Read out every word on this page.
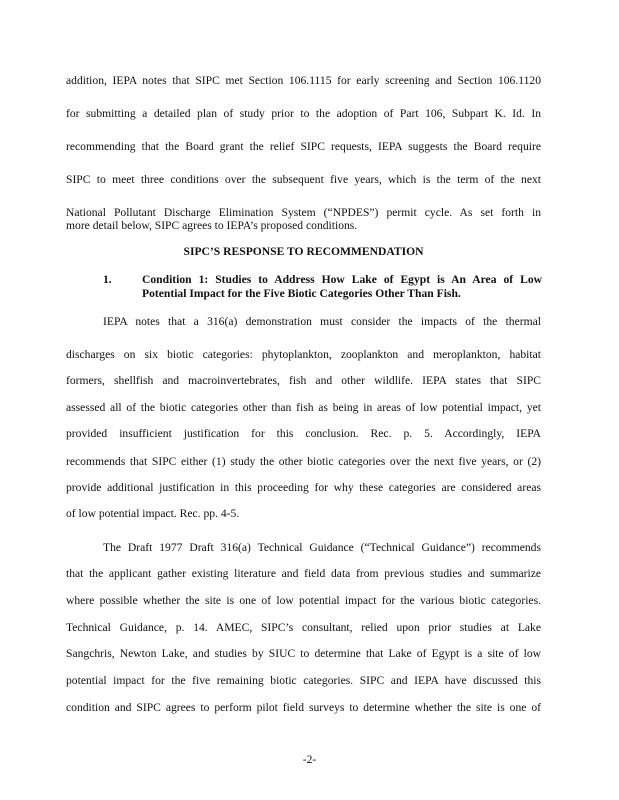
addition, IEPA notes that SIPC met Section 106.1115 for early screening and Section 106.1120
for submitting a detailed plan of study prior to the adoption of Part 106, Subpart K. Id. In
recommending that the Board grant the relief SIPC requests, IEPA suggests the Board require
SIPC to meet three conditions over the subsequent five years, which is the term of the next
National Pollutant Discharge Elimination System (“NPDES”) permit cycle. As set forth in
more detail below, SIPC agrees to IEPA’s proposed conditions.
SIPC’S RESPONSE TO RECOMMENDATION
1.	Condition 1: Studies to Address How Lake of Egypt is An Area of Low
Potential Impact for the Five Biotic Categories Other Than Fish.
IEPA notes that a 316(a) demonstration must consider the impacts of the thermal
discharges on six biotic categories: phytoplankton, zooplankton and meroplankton, habitat
formers, shellfish and macroinvertebrates, fish and other wildlife. IEPA states that SIPC
assessed all of the biotic categories other than fish as being in areas of low potential impact, yet
provided insufficient justification for this conclusion. Rec. p. 5. Accordingly, IEPA
recommends that SIPC either (1) study the other biotic categories over the next five years, or (2)
provide additional justification in this proceeding for why these categories are considered areas
of low potential impact. Rec. pp. 4-5.
The Draft 1977 Draft 316(a) Technical Guidance (“Technical Guidance”) recommends
that the applicant gather existing literature and field data from previous studies and summarize
where possible whether the site is one of low potential impact for the various biotic categories.
Technical Guidance, p. 14. AMEC, SIPC’s consultant, relied upon prior studies at Lake
Sangchris, Newton Lake, and studies by SIUC to determine that Lake of Egypt is a site of low
potential impact for the five remaining biotic categories. SIPC and IEPA have discussed this
condition and SIPC agrees to perform pilot field surveys to determine whether the site is one of
-2-
